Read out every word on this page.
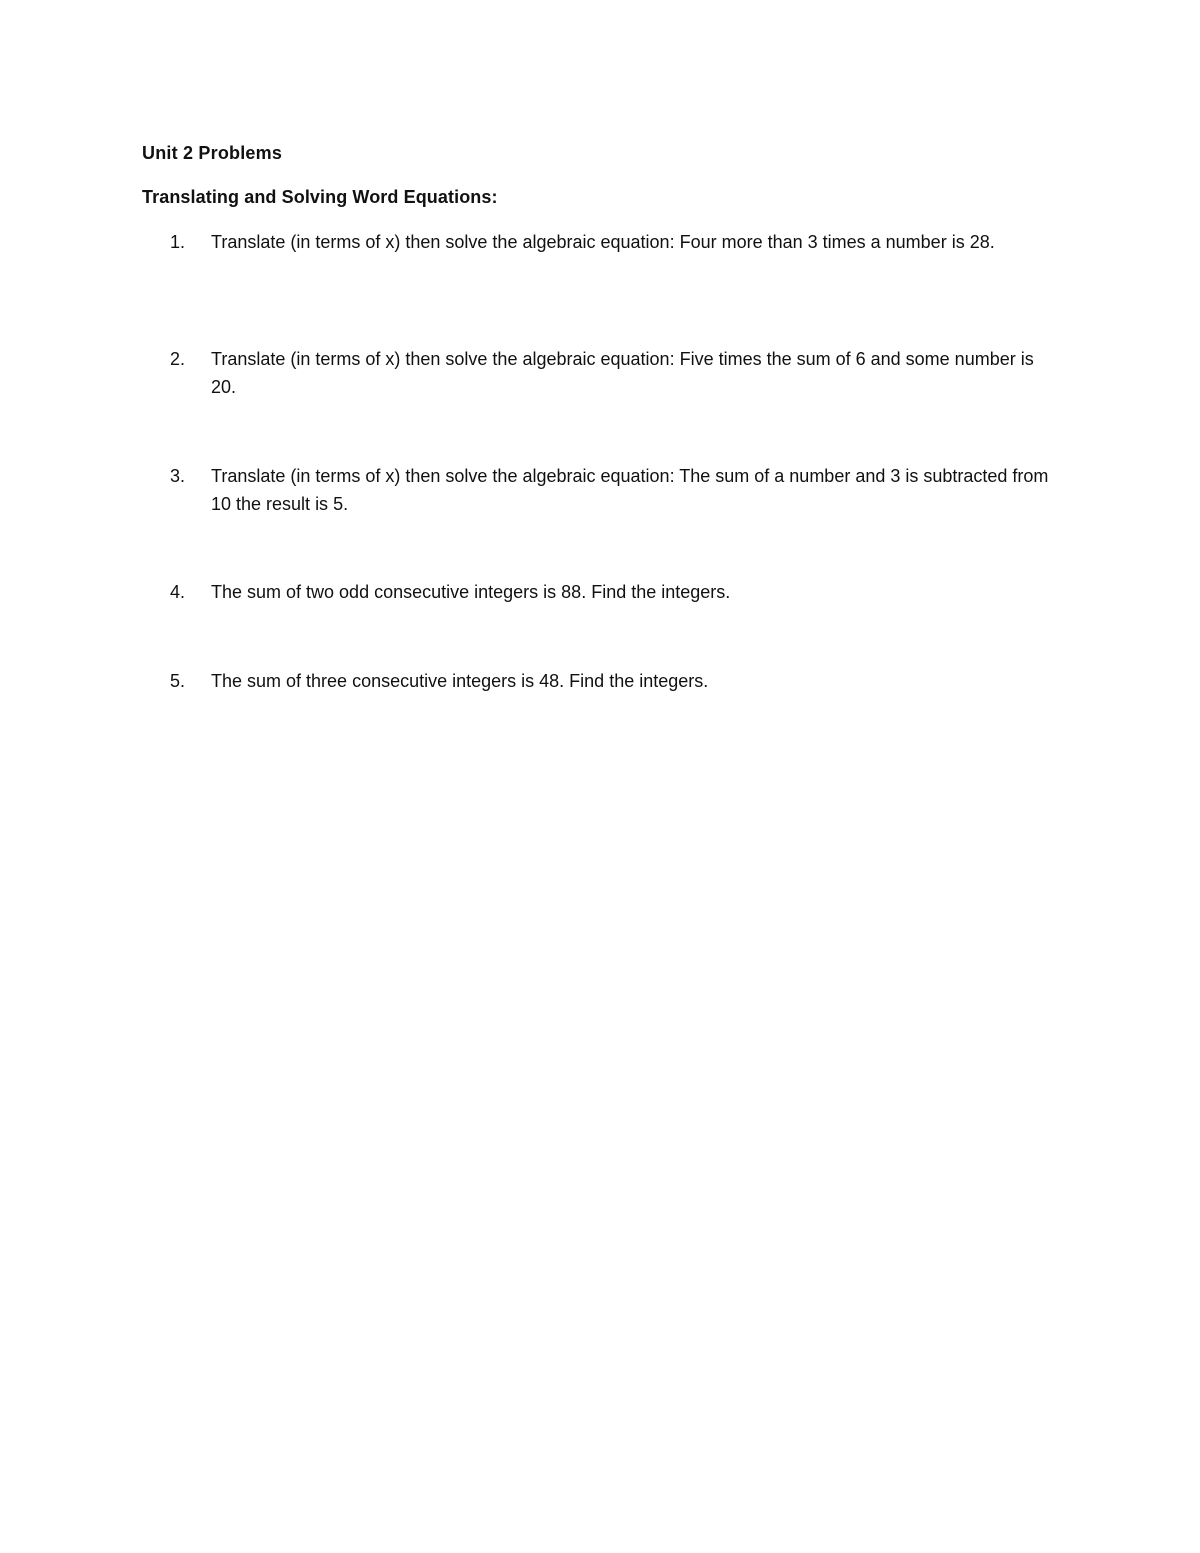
Unit 2 Problems
Translating and Solving Word Equations:
1.	Translate (in terms of x) then solve the algebraic equation: Four more than 3 times a number is 28.
2.	Translate (in terms of x) then solve the algebraic equation: Five times the sum of 6 and some number is 20.
3.	Translate (in terms of x) then solve the algebraic equation: The sum of a number and 3 is subtracted from 10 the result is 5.
4.	The sum of two odd consecutive integers is 88. Find the integers.
5.	The sum of three consecutive integers is 48. Find the integers.
